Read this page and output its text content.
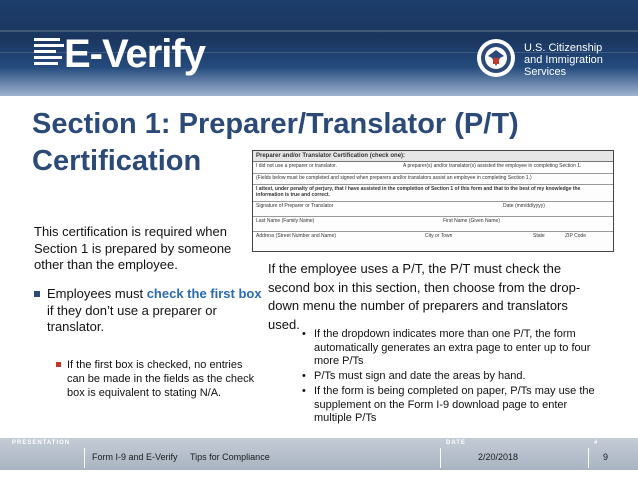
E-Verify	U.S. Citizenship
and Immigration
Services
Section 1: Preparer/Translator (P/T)
Certification	Preparer and/or Translator Certification (check one):
I did not use a preparer or translator.	A preparer(s) and/or translator(s) assisted the employee in completing Section 1.
(Fields below must be completed and signed when preparers and/or translators assist an employee in completing Section 1.)
I attest, under penalty of perjury, that I have assisted in the completion of Section 1 of this form and that to the best of my knowledge the information is true and correct.
Signature of Preparer or Translator	Date (mm/dd/yyyy)
Last Name (Family Name)	First Name (Given Name)
Address (Street Number and Name)	City or Town	State	ZIP Code
This certification is required when Section 1 is prepared by someone other than the employee.
Employees must check the first box if they don’t use a preparer or translator.
If the first box is checked, no entries can be made in the fields as the check box is equivalent to stating N/A.
If the employee uses a P/T, the P/T must check the second box in this section, then choose from the drop-down menu the number of preparers and translators used.
• If the dropdown indicates more than one P/T, the form automatically generates an extra page to enter up to four more P/Ts
• P/Ts must sign and date the areas by hand.
• If the form is being completed on paper, P/Ts may use the supplement on the Form I-9 download page to enter multiple P/Ts
PRESENTATION	DATE	#
Form I-9 and E-Verify Tips for Compliance	2/20/2018	9
